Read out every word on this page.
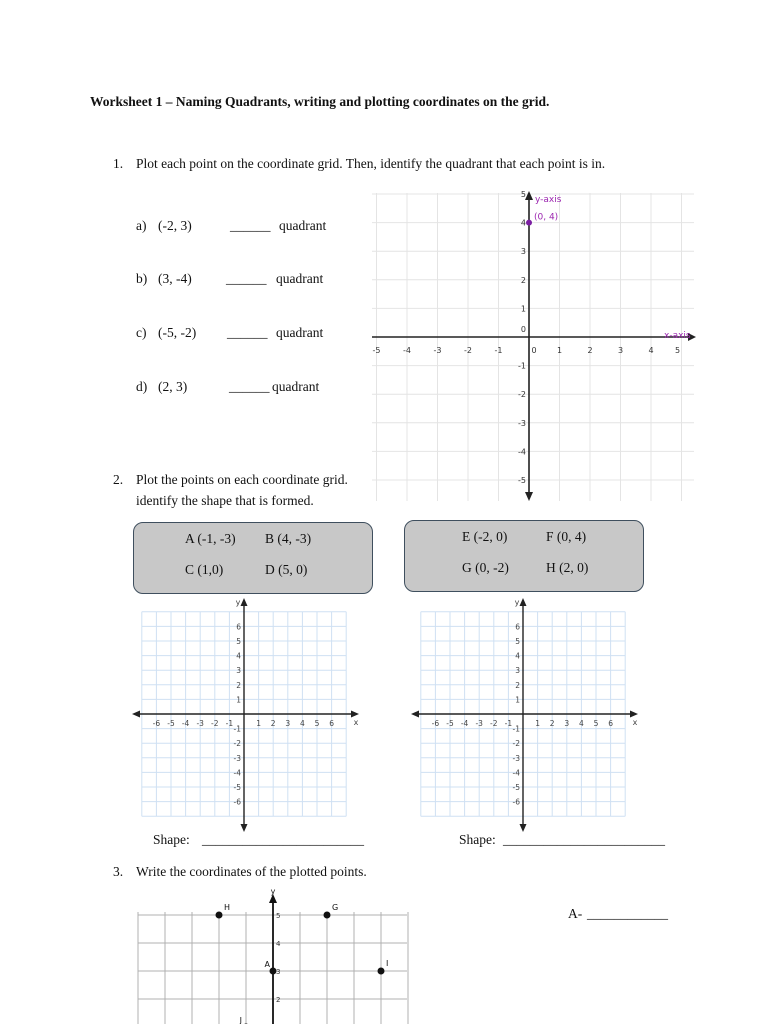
Worksheet 1 – Naming Quadrants, writing and plotting coordinates on the grid.
1. Plot each point on the coordinate grid. Then, identify the quadrant that each point is in.
a) (-2, 3)	______ quadrant
b) (3, -4)	______ quadrant
c) (-5, -2) ______ quadrant
d) (2, 3)	______ quadrant
-5	-4	-3	-2	-1	0	1	2	3	4	5
5
4
3
2
1
0
-1
-2
-3
-4
-5
y-axis
x-axis
(0, 4)
2. Plot the points on each coordinate grid.
identify the shape that is formed.
A (-1, -3) B (4, -3)
C (1,0)	D (5, 0)
E (-2, 0)	F (0, 4)
G (0, -2)	H (2, 0)
y
x
-6 -5 -4 -3 -2 -1	1 2 3 4 5 6
6
5
4
3
2
1
-1
-2
-3
-4
-5
-6
y
x
-6 -5 -4 -3 -2 -1	1 2 3 4 5 6
6
5
4
3
2
1
-1
-2
-3
-4
-5
-6
Shape: ________________________	Shape: ________________________
3. Write the coordinates of the plotted points.
A- ____________
y
5
4
3
2
H	G
A	I
J
